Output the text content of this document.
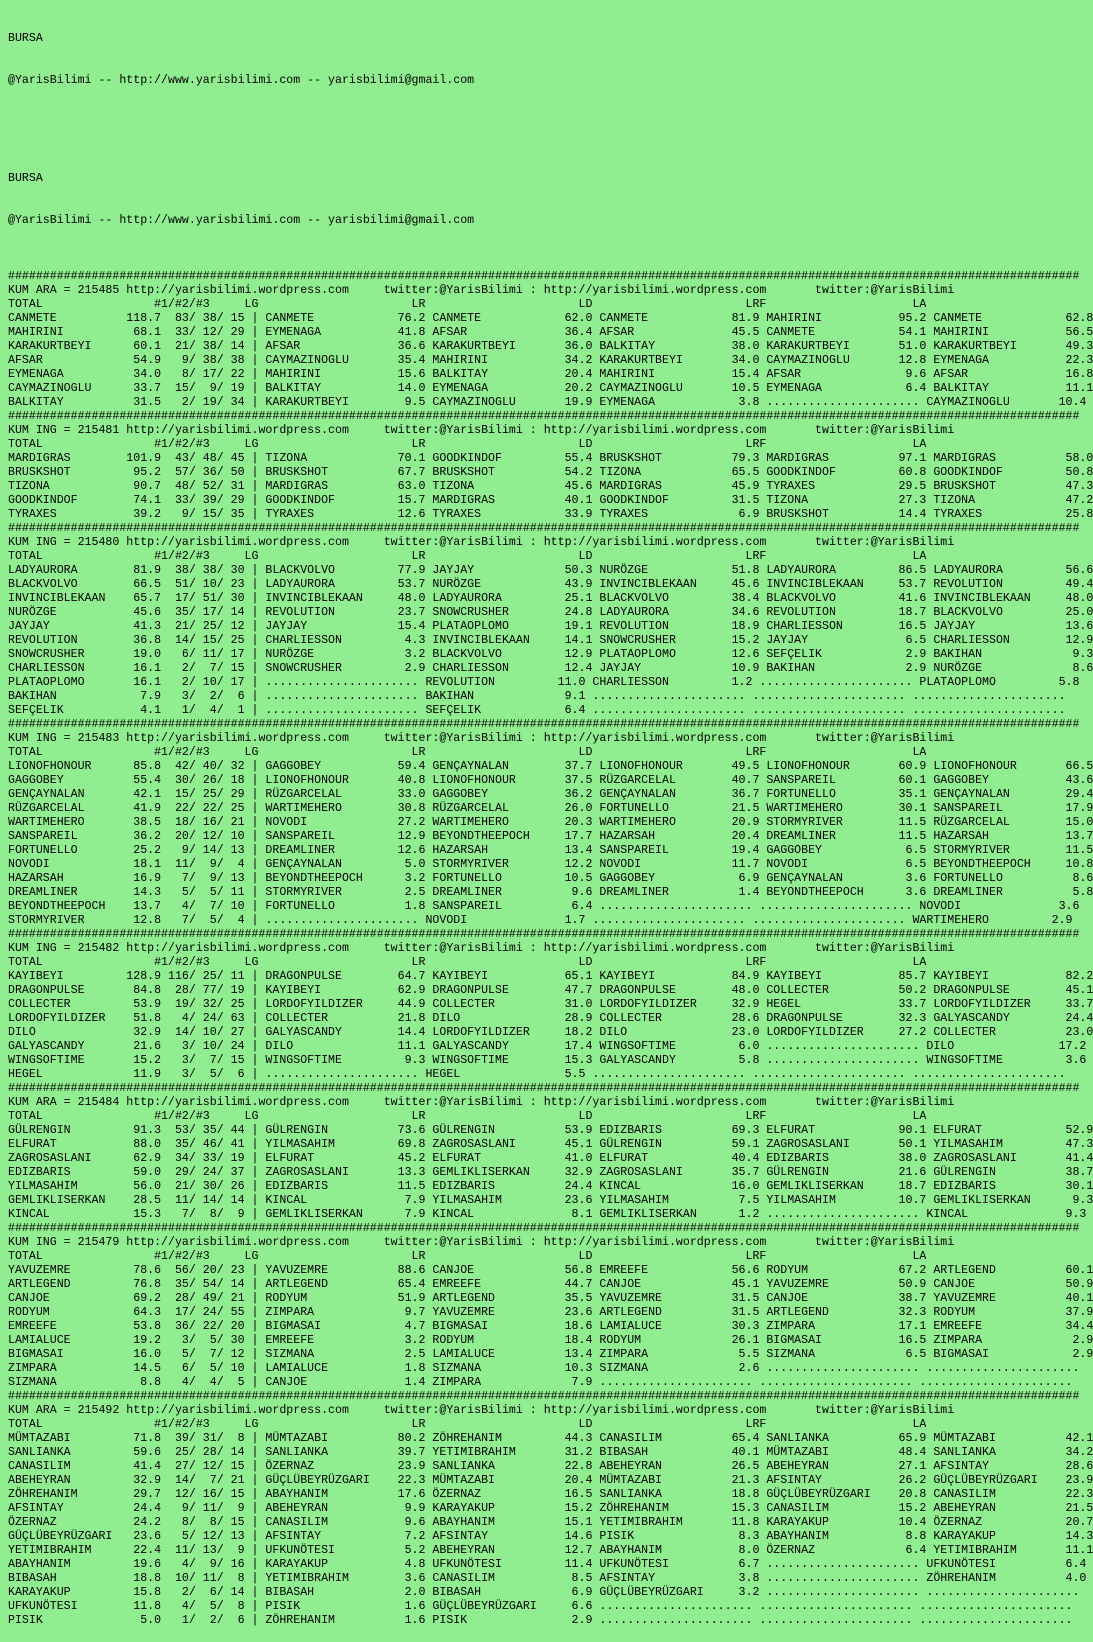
BURSA

@YarisBilimi -- http://www.yarisbilimi.com -- yarisbilimi@gmail.com

BURSA

@YarisBilimi -- http://www.yarisbilimi.com -- yarisbilimi@gmail.com

##########################################################################################################################################################
KUM ARA = 215485 http://yarisbilimi.wordpress.com     twitter:@YarisBilimi : http://yarisbilimi.wordpress.com       twitter:@YarisBilimi
TOTAL                #1/#2/#3     LG                      LR                      LD                      LRF                     LA
CANMETE          118.7  83/ 38/ 15 | CANMETE            76.2 CANMETE            62.0 CANMETE            81.9 MAHIRINI           95.2 CANMETE            62.8
MAHIRINI          68.1  33/ 12/ 29 | EYMENAGA           41.8 AFSAR              36.4 AFSAR              45.5 CANMETE            54.1 MAHIRINI           56.5
KARAKURTBEYI      60.1  21/ 38/ 14 | AFSAR              36.6 KARAKURTBEYI       36.0 BALKITAY           38.0 KARAKURTBEYI       51.0 KARAKURTBEYI       49.3
AFSAR             54.9   9/ 38/ 38 | CAYMAZINOGLU       35.4 MAHIRINI           34.2 KARAKURTBEYI       34.0 CAYMAZINOGLU       12.8 EYMENAGA           22.3
EYMENAGA          34.0   8/ 17/ 22 | MAHIRINI           15.6 BALKITAY           20.4 MAHIRINI           15.4 AFSAR               9.6 AFSAR              16.8
CAYMAZINOGLU      33.7  15/  9/ 19 | BALKITAY           14.0 EYMENAGA           20.2 CAYMAZINOGLU       10.5 EYMENAGA            6.4 BALKITAY           11.1
BALKITAY          31.5   2/ 19/ 34 | KARAKURTBEYI        9.5 CAYMAZINOGLU       19.9 EYMENAGA            3.8 ...................... CAYMAZINOGLU       10.4
##########################################################################################################################################################
KUM ING = 215481 http://yarisbilimi.wordpress.com     twitter:@YarisBilimi : http://yarisbilimi.wordpress.com       twitter:@YarisBilimi
TOTAL                #1/#2/#3     LG                      LR                      LD                      LRF                     LA
MARDIGRAS        101.9  43/ 48/ 45 | TIZONA             70.1 GOODKINDOF         55.4 BRUSKSHOT          79.3 MARDIGRAS          97.1 MARDIGRAS          58.0
BRUSKSHOT         95.2  57/ 36/ 50 | BRUSKSHOT          67.7 BRUSKSHOT          54.2 TIZONA             65.5 GOODKINDOF         60.8 GOODKINDOF         50.8
TIZONA            90.7  48/ 52/ 31 | MARDIGRAS          63.0 TIZONA             45.6 MARDIGRAS          45.9 TYRAXES            29.5 BRUSKSHOT          47.3
GOODKINDOF        74.1  33/ 39/ 29 | GOODKINDOF         15.7 MARDIGRAS          40.1 GOODKINDOF         31.5 TIZONA             27.3 TIZONA             47.2
TYRAXES           39.2   9/ 15/ 35 | TYRAXES            12.6 TYRAXES            33.9 TYRAXES             6.9 BRUSKSHOT          14.4 TYRAXES            25.8
##########################################################################################################################################################
KUM ING = 215480 http://yarisbilimi.wordpress.com     twitter:@YarisBilimi : http://yarisbilimi.wordpress.com       twitter:@YarisBilimi
TOTAL                #1/#2/#3     LG                      LR                      LD                      LRF                     LA
LADYAURORA        81.9  38/ 38/ 30 | BLACKVOLVO         77.9 JAYJAY             50.3 NURÖZGE            51.8 LADYAURORA         86.5 LADYAURORA         56.6
BLACKVOLVO        66.5  51/ 10/ 23 | LADYAURORA         53.7 NURÖZGE            43.9 INVINCIBLEKAAN     45.6 INVINCIBLEKAAN     53.7 REVOLUTION         49.4
INVINCIBLEKAAN    65.7  17/ 51/ 30 | INVINCIBLEKAAN     48.0 LADYAURORA         25.1 BLACKVOLVO         38.4 BLACKVOLVO         41.6 INVINCIBLEKAAN     48.0
NURÖZGE           45.6  35/ 17/ 14 | REVOLUTION         23.7 SNOWCRUSHER        24.8 LADYAURORA         34.6 REVOLUTION         18.7 BLACKVOLVO         25.0
JAYJAY            41.3  21/ 25/ 12 | JAYJAY             15.4 PLATAOPLOMO        19.1 REVOLUTION         18.9 CHARLIESSON        16.5 JAYJAY             13.6
REVOLUTION        36.8  14/ 15/ 25 | CHARLIESSON         4.3 INVINCIBLEKAAN     14.1 SNOWCRUSHER        15.2 JAYJAY              6.5 CHARLIESSON        12.9
SNOWCRUSHER       19.0   6/ 11/ 17 | NURÖZGE             3.2 BLACKVOLVO         12.9 PLATAOPLOMO        12.6 SEFÇELIK            2.9 BAKIHAN             9.3
CHARLIESSON       16.1   2/  7/ 15 | SNOWCRUSHER         2.9 CHARLIESSON        12.4 JAYJAY             10.9 BAKIHAN             2.9 NURÖZGE             8.6
PLATAOPLOMO       16.1   2/ 10/ 17 | ...................... REVOLUTION         11.0 CHARLIESSON         1.2 ...................... PLATAOPLOMO         5.8
BAKIHAN            7.9   3/  2/  6 | ...................... BAKIHAN             9.1 ...................... ...................... ......................
SEFÇELIK           4.1   1/  4/  1 | ...................... SEFÇELIK            6.4 ...................... ...................... ......................
##########################################################################################################################################################
KUM ING = 215483 http://yarisbilimi.wordpress.com     twitter:@YarisBilimi : http://yarisbilimi.wordpress.com       twitter:@YarisBilimi
TOTAL                #1/#2/#3     LG                      LR                      LD                      LRF                     LA
LIONOFHONOUR      85.8  42/ 40/ 32 | GAGGOBEY           59.4 GENÇAYNALAN        37.7 LIONOFHONOUR       49.5 LIONOFHONOUR       60.9 LIONOFHONOUR       66.5
GAGGOBEY          55.4  30/ 26/ 18 | LIONOFHONOUR       40.8 LIONOFHONOUR       37.5 RÜZGARCELAL        40.7 SANSPAREIL         60.1 GAGGOBEY           43.6
GENÇAYNALAN       42.1  15/ 25/ 29 | RÜZGARCELAL        33.0 GAGGOBEY           36.2 GENÇAYNALAN        36.7 FORTUNELLO         35.1 GENÇAYNALAN        29.4
RÜZGARCELAL       41.9  22/ 22/ 25 | WARTIMEHERO        30.8 RÜZGARCELAL        26.0 FORTUNELLO         21.5 WARTIMEHERO        30.1 SANSPAREIL         17.9
WARTIMEHERO       38.5  18/ 16/ 21 | NOVODI             27.2 WARTIMEHERO        20.3 WARTIMEHERO        20.9 STORMYRIVER        11.5 RÜZGARCELAL        15.0
SANSPAREIL        36.2  20/ 12/ 10 | SANSPAREIL         12.9 BEYONDTHEEPOCH     17.7 HAZARSAH           20.4 DREAMLINER         11.5 HAZARSAH           13.7
FORTUNELLO        25.2   9/ 14/ 13 | DREAMLINER         12.6 HAZARSAH           13.4 SANSPAREIL         19.4 GAGGOBEY            6.5 STORMYRIVER        11.5
NOVODI            18.1  11/  9/  4 | GENÇAYNALAN         5.0 STORMYRIVER        12.2 NOVODI             11.7 NOVODI              6.5 BEYONDTHEEPOCH     10.8
HAZARSAH          16.9   7/  9/ 13 | BEYONDTHEEPOCH      3.2 FORTUNELLO         10.5 GAGGOBEY            6.9 GENÇAYNALAN         3.6 FORTUNELLO          8.6
DREAMLINER        14.3   5/  5/ 11 | STORMYRIVER         2.5 DREAMLINER          9.6 DREAMLINER          1.4 BEYONDTHEEPOCH      3.6 DREAMLINER          5.8
BEYONDTHEEPOCH    13.7   4/  7/ 10 | FORTUNELLO          1.8 SANSPAREIL          6.4 ...................... ...................... NOVODI              3.6
STORMYRIVER       12.8   7/  5/  4 | ...................... NOVODI              1.7 ...................... ...................... WARTIMEHERO         2.9
##########################################################################################################################################################
KUM ING = 215482 http://yarisbilimi.wordpress.com     twitter:@YarisBilimi : http://yarisbilimi.wordpress.com       twitter:@YarisBilimi
TOTAL                #1/#2/#3     LG                      LR                      LD                      LRF                     LA
KAYIBEYI         128.9 116/ 25/ 11 | DRAGONPULSE        64.7 KAYIBEYI           65.1 KAYIBEYI           84.9 KAYIBEYI           85.7 KAYIBEYI           82.2
DRAGONPULSE       84.8  28/ 77/ 19 | KAYIBEYI           62.9 DRAGONPULSE        47.7 DRAGONPULSE        48.0 COLLECTER          50.2 DRAGONPULSE        45.1
COLLECTER         53.9  19/ 32/ 25 | LORDOFYILDIZER     44.9 COLLECTER          31.0 LORDOFYILDIZER     32.9 HEGEL              33.7 LORDOFYILDIZER     33.7
LORDOFYILDIZER    51.8   4/ 24/ 63 | COLLECTER          21.8 DILO               28.9 COLLECTER          28.6 DRAGONPULSE        32.3 GALYASCANDY        24.4
DILO              32.9  14/ 10/ 27 | GALYASCANDY        14.4 LORDOFYILDIZER     18.2 DILO               23.0 LORDOFYILDIZER     27.2 COLLECTER          23.0
GALYASCANDY       21.6   3/ 10/ 24 | DILO               11.1 GALYASCANDY        17.4 WINGSOFTIME         6.0 ...................... DILO               17.2
WINGSOFTIME       15.2   3/  7/ 15 | WINGSOFTIME         9.3 WINGSOFTIME        15.3 GALYASCANDY         5.8 ...................... WINGSOFTIME         3.6
HEGEL             11.9   3/  5/  6 | ...................... HEGEL               5.5 ...................... ...................... ......................
##########################################################################################################################################################
KUM ARA = 215484 http://yarisbilimi.wordpress.com     twitter:@YarisBilimi : http://yarisbilimi.wordpress.com       twitter:@YarisBilimi
TOTAL                #1/#2/#3     LG                      LR                      LD                      LRF                     LA
GÜLRENGIN         91.3  53/ 35/ 44 | GÜLRENGIN          73.6 GÜLRENGIN          53.9 EDIZBARIS          69.3 ELFURAT            90.1 ELFURAT            52.9
ELFURAT           88.0  35/ 46/ 41 | YILMASAHIM         69.8 ZAGROSASLANI       45.1 GÜLRENGIN          59.1 ZAGROSASLANI       50.1 YILMASAHIM         47.3
ZAGROSASLANI      62.9  34/ 33/ 19 | ELFURAT            45.2 ELFURAT            41.0 ELFURAT            40.4 EDIZBARIS          38.0 ZAGROSASLANI       41.4
EDIZBARIS         59.0  29/ 24/ 37 | ZAGROSASLANI       13.3 GEMLIKLISERKAN     32.9 ZAGROSASLANI       35.7 GÜLRENGIN          21.6 GÜLRENGIN          38.7
YILMASAHIM        56.0  21/ 30/ 26 | EDIZBARIS          11.5 EDIZBARIS          24.4 KINCAL             16.0 GEMLIKLISERKAN     18.7 EDIZBARIS          30.1
GEMLIKLISERKAN    28.5  11/ 14/ 14 | KINCAL              7.9 YILMASAHIM         23.6 YILMASAHIM          7.5 YILMASAHIM         10.7 GEMLIKLISERKAN      9.3
KINCAL            15.3   7/  8/  9 | GEMLIKLISERKAN      7.9 KINCAL              8.1 GEMLIKLISERKAN      1.2 ...................... KINCAL              9.3
##########################################################################################################################################################
KUM ING = 215479 http://yarisbilimi.wordpress.com     twitter:@YarisBilimi : http://yarisbilimi.wordpress.com       twitter:@YarisBilimi
TOTAL                #1/#2/#3     LG                      LR                      LD                      LRF                     LA
YAVUZEMRE         78.6  56/ 20/ 23 | YAVUZEMRE          88.6 CANJOE             56.8 EMREEFE            56.6 RODYUM             67.2 ARTLEGEND          60.1
ARTLEGEND         76.8  35/ 54/ 14 | ARTLEGEND          65.4 EMREEFE            44.7 CANJOE             45.1 YAVUZEMRE          50.9 CANJOE             50.9
CANJOE            69.2  28/ 49/ 21 | RODYUM             51.9 ARTLEGEND          35.5 YAVUZEMRE          31.5 CANJOE             38.7 YAVUZEMRE          40.1
RODYUM            64.3  17/ 24/ 55 | ZIMPARA             9.7 YAVUZEMRE          23.6 ARTLEGEND          31.5 ARTLEGEND          32.3 RODYUM             37.9
EMREEFE           53.8  36/ 22/ 20 | BIGMASAI            4.7 BIGMASAI           18.6 LAMIALUCE          30.3 ZIMPARA            17.1 EMREEFE            34.4
LAMIALUCE         19.2   3/  5/ 30 | EMREEFE             3.2 RODYUM             18.4 RODYUM             26.1 BIGMASAI           16.5 ZIMPARA             2.9
BIGMASAI          16.0   5/  7/ 12 | SIZMANA             2.5 LAMIALUCE          13.4 ZIMPARA             5.5 SIZMANA             6.5 BIGMASAI            2.9
ZIMPARA           14.5   6/  5/ 10 | LAMIALUCE           1.8 SIZMANA            10.3 SIZMANA             2.6 ...................... ......................
SIZMANA            8.8   4/  4/  5 | CANJOE              1.4 ZIMPARA             7.9 ...................... ...................... ......................
##########################################################################################################################################################
KUM ARA = 215492 http://yarisbilimi.wordpress.com     twitter:@YarisBilimi : http://yarisbilimi.wordpress.com       twitter:@YarisBilimi
TOTAL                #1/#2/#3     LG                      LR                      LD                      LRF                     LA
MÜMTAZABI         71.8  39/ 31/  8 | MÜMTAZABI          80.2 ZÖHREHANIM         44.3 CANASILIM          65.4 SANLIANKA          65.9 MÜMTAZABI          42.1
SANLIANKA         59.6  25/ 28/ 14 | SANLIANKA          39.7 YETIMIBRAHIM       31.2 BIBASAH            40.1 MÜMTAZABI          48.4 SANLIANKA          34.2
CANASILIM         41.4  27/ 12/ 15 | ÖZERNAZ            23.9 SANLIANKA          22.8 ABEHEYRAN          26.5 ABEHEYRAN          27.1 AFSINTAY           28.6
ABEHEYRAN         32.9  14/  7/ 21 | GÜÇLÜBEYRÜZGARI    22.3 MÜMTAZABI          20.4 MÜMTAZABI          21.3 AFSINTAY           26.2 GÜÇLÜBEYRÜZGARI    23.9
ZÖHREHANIM        29.7  12/ 16/ 15 | ABAYHANIM          17.6 ÖZERNAZ            16.5 SANLIANKA          18.8 GÜÇLÜBEYRÜZGARI    20.8 CANASILIM          22.3
AFSINTAY          24.4   9/ 11/  9 | ABEHEYRAN           9.9 KARAYAKUP          15.2 ZÖHREHANIM         15.3 CANASILIM          15.2 ABEHEYRAN          21.5
ÖZERNAZ           24.2   8/  8/ 15 | CANASILIM           9.6 ABAYHANIM          15.1 YETIMIBRAHIM       11.8 KARAYAKUP          10.4 ÖZERNAZ            20.7
GÜÇLÜBEYRÜZGARI   23.6   5/ 12/ 13 | AFSINTAY            7.2 AFSINTAY           14.6 PISIK               8.3 ABAYHANIM           8.8 KARAYAKUP          14.3
YETIMIBRAHIM      22.4  11/ 13/  9 | UFKUNÖTESI          5.2 ABEHEYRAN          12.7 ABAYHANIM           8.0 ÖZERNAZ             6.4 YETIMIBRAHIM       11.1
ABAYHANIM         19.6   4/  9/ 16 | KARAYAKUP           4.8 UFKUNÖTESI         11.4 UFKUNÖTESI          6.7 ...................... UFKUNÖTESI          6.4
BIBASAH           18.8  10/ 11/  8 | YETIMIBRAHIM        3.6 CANASILIM           8.5 AFSINTAY            3.8 ...................... ZÖHREHANIM          4.0
KARAYAKUP         15.8   2/  6/ 14 | BIBASAH             2.0 BIBASAH             6.9 GÜÇLÜBEYRÜZGARI     3.2 ...................... ......................
UFKUNÖTESI        11.8   4/  5/  8 | PISIK               1.6 GÜÇLÜBEYRÜZGARI     6.6 ...................... ...................... ......................
PISIK              5.0   1/  2/  6 | ZÖHREHANIM          1.6 PISIK               2.9 ...................... ...................... ......................
